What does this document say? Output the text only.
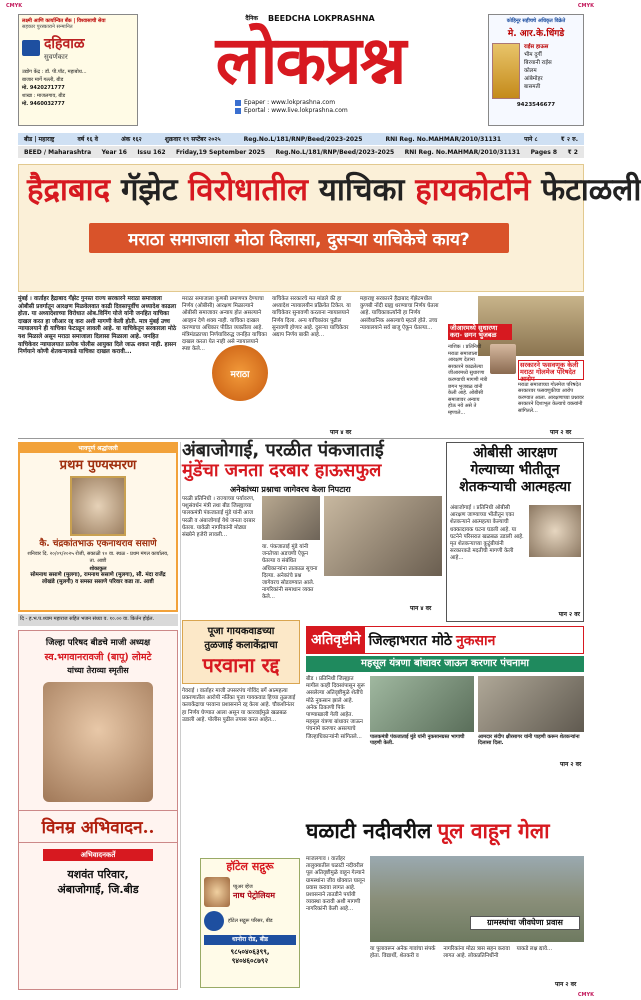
CMYK	CMYK
CMYK
लक्ष्मी आणि कार्यान्वित बँक | विश्वासाची सेवा
सहकार पुरस्काराने सन्मानित
दहिवाळ
सुवर्णकार
उद्योग केंद्र : डॉ. पी.पॉट, महाबोध...
बाजार मार्गे गल्ली, बीड
मो. 9420271777
शाखा : माजलगाव, बीड
मो. 9460032777
दैनिक BEEDCHA LOKPRASHNA
लोकप्रश्न
Epaper : www.lokprashna.com
Eportal : www.live.lokprashna.com
कोहिनूर सहीचचे अधिकृत विक्रेते
मे. आर.के.धिंगडे
राईस हाऊस
भीम दुर्गी
बिरयानी राईस
कोलम
आंबेमोहर
बासमती
9423546677
बीड | महाराष्ट्र	वर्ष १६ वे	अंक १६२	शुक्रवार १९ सप्टेंबर २०२५	Reg.No.L/181/RNP/Beed/2023-2025	RNI Reg. No.MAHMAR/2010/31131	पाने ८	₹ २ रु.
BEED / Maharashtra Year 16 Issu 162 Friday,19 September 2025 Reg.No.L/181/RNP/Beed/2023-2025 RNI Reg. No.MAHMAR/2010/31131 Pages 8 ₹ 2
हैद्राबाद गॅझेट विरोधातील याचिका हायकोर्टाने फेटाळली
मराठा समाजाला मोठा दिलासा, दुसऱ्या याचिकेचे काय?
मुंबई । वार्ताहर हैद्राबाद गॅझेट गुनस्त राज्य सरकारने मराठा समाजाला ओबीसी प्रवर्गातून आरक्षण मिळवेलवात काढी दिवसापूर्वीच अध्यादेश काढला होता. या अध्यादेशाच्या विरोधात ओब.विनिंग योजे यांनी जनहित याचिका दाखल करत हा जीआर रद्द करा अशी मागणी केली होती. मात्र मुंबई उच्च न्यायालयाने ही याचिका फेटाळून लावली आहे. या याचिकेतून सरकारला मोठे यश मिळाले असून मराठा समाजाला दिलासा मिळाला आहे. जनहित याचिकेवर न्यायालयात प्रत्येक पोलीस आयुक्त दिले जाऊ शकत नाही. हासन निर्णयाने कोणी शेतकऱ्याकडे याचिका दाखल करावी...
मराठा समाजाला कुणबी प्रमाणपत्र देण्याचा निर्णय (ओबीसी) आरक्षण मिळाल्याने ओबीसी समाजावर अन्याय होत असल्याने आव्हान देणे शक्य नाही. याचिका दाखल करण्याचा अधिकार पीडित व्यक्तीला आहे. मंत्रिमंडळाच्या निर्णयाविरुद्ध जनहित याचिका दाखल करता येत नाही असे न्यायालयाने स्पष्ट केले...
मराठा
याचिकेत सरकारचे मत मांडले की हा अध्यादेश न्यायालयीन प्रक्रियेत टिकेल. या याचिकेवर सुनावणी करताना न्यायालयाने निर्णय दिला. अन्य याचिकांवर पुढील सुनावणी होणार आहे. दुसऱ्या याचिकेवर अद्याप निर्णय बाकी आहे...
महाराष्ट्र सरकारने हैद्राबाद गॅझेटमधील कुणबी नोंदी ग्राह्य धरण्याचा निर्णय घेतला आहे. याचिकाकर्त्यांनी हा निर्णय असंवैधानिक असल्याचे म्हटले होते. उच्च न्यायालयाने सर्व बाजू ऐकून घेतल्या...
पान ४ वर
जीआरमध्ये सुधारणा करा- छगन भुजबळ
नाशिक । प्रतिनिधी मराठा समाजाला आरक्षण देताना सरकारने काढलेल्या जीआरमध्ये सुधारणा करण्याची मागणी मंत्री छगन भुजबळ यांनी केली आहे. ओबीसी समाजावर अन्याय होऊ नये असे ते म्हणाले...
सरकारने फसवणूक केली मराठा गोलमेज परिषदेत आरोप
मराठा समाजाच्या गोलमेज परिषदेत सरकारवर फसवणुकीचा आरोप करण्यात आला. आरक्षणाच्या प्रश्नावर सरकारने दिशाभूल केल्याचे वक्त्यांनी सांगितले...
पान २ वर
भावपूर्ण श्रद्धांजली
प्रथम पुण्यस्मरण
कै. चंद्रकांतभाऊ एकनाथराव ससाणे
शनिवार दि. २०/०९/२०२५ रोजी, सकाळी १० वा. स्थळ - प्रथम मंगल कार्यालय, ता. आष्टी
शोकाकुल
सोमनाथ ससाणे (मुलगा), रामनाथ ससाणे (मुलगा), सौ. मंदा राजेंद्र लोखंडे (मुलगी) व समस्त ससाणे परिवार कडा ता. आष्टी
दि - ह.भ.प.श्याम महाराज सहित भजन संध्या व. १०.०० वा. किर्तन होईल.
अंबाजोगाई, परळीत पंकजाताई
मुंडेंचा जनता दरबार हाऊसफुल
अनेकांच्या प्रश्नाचा जागेवरच केला निपटारा
परळी प्रतिनिधी । राज्याच्या पर्यावरण, पशुसंवर्धन मंत्री तथा बीड जिल्ह्याच्या पालकमंत्री पंकजाताई मुंडे यांनी आज परळी व अंबाजोगाई येथे जनता दरबार घेतला. यावेळी नागरिकांनी मोठ्या संख्येने हजेरी लावली...
या. पंकजाताई मुंडे यांनी जनतेच्या अडचणी ऐकून घेतल्या व संबंधित अधिकाऱ्यांना तात्काळ सूचना दिल्या. अनेकांचे प्रश्न जागेवरच सोडवण्यात आले. नागरिकांनी समाधान व्यक्त केले...
पान ४ वर
ओबीसी आरक्षण गेल्याच्या भीतीतून शेतकऱ्याची आत्महत्या
अंबाजोगाई । प्रतिनिधी ओबीसी आरक्षण जाण्याच्या भीतीतून एका शेतकऱ्याने आत्महत्या केल्याची धक्कादायक घटना घडली आहे. या घटनेने परिसरात खळबळ उडाली आहे. मृत शेतकऱ्याच्या कुटुंबीयांनी सरकारकडे मदतीची मागणी केली आहे...
पान २ वर
पूजा गायकवाडच्या
तुळजाई कलाकेंद्राचा
परवाना रद्द
गेवराई । वार्ताहर माजी उपसरपंच गोविंद बर्गे आत्महत्या प्रकरणातील आरोपी नर्तिका पूजा गायकवाड हिच्या तुळजाई कलाकेंद्राचा परवाना प्रशासनाने रद्द केला आहे. चौकशीनंतर हा निर्णय घेण्यात आला असून या कारवाईमुळे खळबळ उडाली आहे. पोलीस पुढील तपास करत आहेत...
अतिवृष्टीने जिल्हाभरात मोठे नुकसान
महसूल यंत्रणा बांधावर जाऊन करणार पंचनामा
बीड । प्रतिनिधी जिल्ह्यात मागील काही दिवसांपासून सुरू असलेल्या अतिवृष्टीमुळे शेतीचे मोठे नुकसान झाले आहे. अनेक ठिकाणी पिके पाण्याखाली गेली आहेत. महसूल यंत्रणा बांधावर जाऊन पंचनामे करणार असल्याचे जिल्हाधिकाऱ्यांनी सांगितले...	पालकमंत्री पंकजाताई मुंडे यांनी नुकसानग्रस्त भागाची पाहणी केली.
आमदार संदीप क्षीरसागर यांनी पाहणी करून शेतकऱ्यांना दिलासा दिला.
पान २ वर
जिल्हा परिषद बीडचे माजी अध्यक्ष
स्व.भगवानरावजी (बापू) लोमटे
यांच्या तेराव्या स्मृतीस
विनम्र अभिवादन..
अभिवादनकर्ते
यशवंत परिवार,
अंबाजोगाई, जि.बीड
हॉटेल सद्गुरू
प्युअर व्हेज
नाथ पेट्रोलियम
हॉटेल सद्गुरू परिसर, बीड
धानोरा रोड, बीड
९८५०४०६३९९,
९४०४६०८७९२
घळाटी नदीवरील पूल वाहून गेला
माजलगाव । वार्ताहर तालुक्यातील घळाटी नदीवरील पूल अतिवृष्टीमुळे वाहून गेल्याने ग्रामस्थांना जीव धोक्यात घालून प्रवास करावा लागत आहे. प्रशासनाने तातडीने पर्यायी व्यवस्था करावी अशी मागणी नागरिकांनी केली आहे...
ग्रामस्थांचा जीवघेणा प्रवास
या पुलावरून अनेक गावांचा संपर्क होता. विद्यार्थी, शेतकरी व नागरिकांना मोठा त्रास सहन करावा लागत आहे. लोकप्रतिनिधींनी याकडे लक्ष द्यावे...
पान २ वर
